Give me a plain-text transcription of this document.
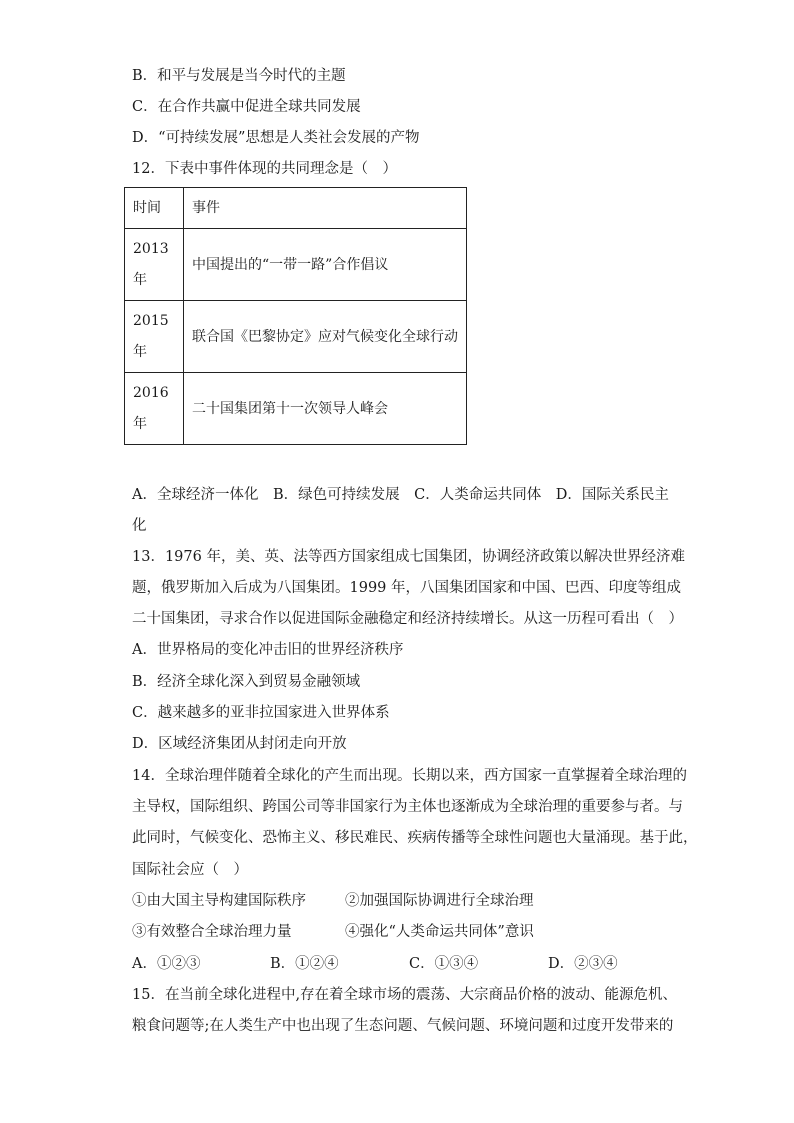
B．和平与发展是当今时代的主题
C．在合作共赢中促进全球共同发展
D．“可持续发展”思想是人类社会发展的产物
12．下表中事件体现的共同理念是（　）
时间	事件

2013
年	中国提出的“一带一路”合作倡议

2015
年	联合国《巴黎协定》应对气候变化全球行动

2016
年	二十国集团第十一次领导人峰会
A．全球经济一体化　B．绿色可持续发展　C．人类命运共同体　D．国际关系民主
化
13．1976 年，美、英、法等西方国家组成七国集团，协调经济政策以解决世界经济难
题，俄罗斯加入后成为八国集团。1999 年，八国集团国家和中国、巴西、印度等组成
二十国集团，寻求合作以促进国际金融稳定和经济持续增长。从这一历程可看出（　）
A．世界格局的变化冲击旧的世界经济秩序
B．经济全球化深入到贸易金融领域
C．越来越多的亚非拉国家进入世界体系
D．区域经济集团从封闭走向开放
14．全球治理伴随着全球化的产生而出现。长期以来，西方国家一直掌握着全球治理的
主导权，国际组织、跨国公司等非国家行为主体也逐渐成为全球治理的重要参与者。与
此同时，气候变化、恐怖主义、移民难民、疾病传播等全球性问题也大量涌现。基于此，
国际社会应（　）
①由大国主导构建国际秩序	②加强国际协调进行全球治理
③有效整合全球治理力量	④强化“人类命运共同体”意识
A．①②③	B．①②④	C．①③④	D．②③④
15．在当前全球化进程中,存在着全球市场的震荡、大宗商品价格的波动、能源危机、
粮食问题等;在人类生产中也出现了生态问题、气候问题、环境问题和过度开发带来的
